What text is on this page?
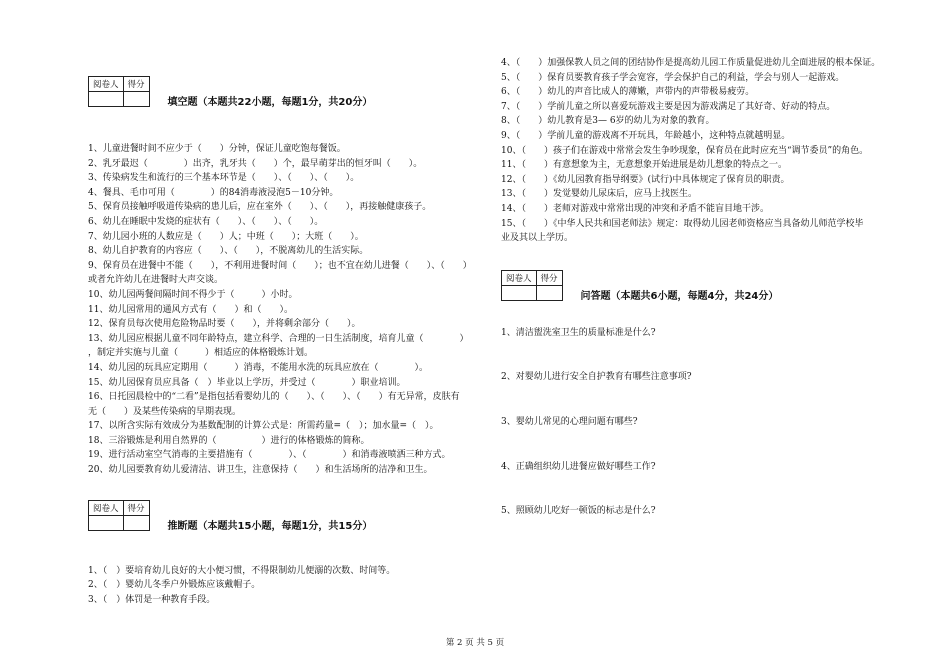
阅卷人	得分

填空题（本题共22小题，每题1分，共20分）
1、儿童进餐时间不应少于（　　）分钟，保证儿童吃饱每餐饭。
2、乳牙最迟（　　　　）出齐，乳牙共（　　）个，最早萌芽出的恒牙叫（　　）。
3、传染病发生和流行的三个基本环节是（　　）、（　　）、（　　）。
4、餐具、毛巾可用（　　　　）的84消毒液浸泡5－10分钟。
5、保育员接触呼吸道传染病的患儿后，应在室外（　　）、（　　），再接触健康孩子。
6、幼儿在睡眠中发烧的症状有（　　）、（　　）、（　　）。
7、幼儿园小班的人数应是（　　）人；中班（　　）；大班（　　）。
8、幼儿自护教育的内容应（　　）、（　　），不脱离幼儿的生活实际。
9、保育员在进餐中不能（　　），不利用进餐时间（　　）；也不宜在幼儿进餐（　　）、（　　）
或者允许幼儿在进餐时大声交谈。
10、幼儿园两餐间隔时间不得少于（　　　）小时。
11、幼儿园常用的通风方式有（　　）和（　　）。
12、保育员每次使用危险物品时要（　　），并将剩余部分（　　）。
13、幼儿园应根据儿童不同年龄特点，建立科学、合理的一日生活制度，培育儿童（　　　　）
，制定并实施与儿童（　　　）相适应的体格锻炼计划。
14、幼儿园的玩具应定期用（　　　）消毒，不能用水洗的玩具应放在（　　　　）。
15、幼儿园保育员应具备（　）毕业以上学历，并受过（　　　　）职业培训。
16、日托园晨检中的“二看”是指包括看婴幼儿的（　　）、（　　）、（　　）有无异常，皮肤有
无（　　）及某些传染病的早期表现。
17、以所含实际有效成分为基数配制的计算公式是：所需药量=（　）；加水量=（　）。
18、三浴锻炼是利用自然界的（　　　　　）进行的体格锻炼的简称。
19、进行活动室空气消毒的主要措施有（　　　　）、（　　　　）和消毒液喷洒三种方式。
20、幼儿园要教育幼儿爱清洁、讲卫生，注意保持（　　）和生活场所的洁净和卫生。
阅卷人	得分

推断题（本题共15小题，每题1分，共15分）
1、（　）要培育幼儿良好的大小便习惯，不得限制幼儿便溺的次数、时间等。
2、（　）婴幼儿冬季户外锻炼应该戴帽子。
3、（　）体罚是一种教育手段。
4、（　　）加强保教人员之间的团结协作是提高幼儿园工作质量促进幼儿全面进展的根本保证。
5、（　　）保育员要教育孩子学会宽容，学会保护自己的利益，学会与别人一起游戏。
6、（　　）幼儿的声音比成人的薄嫩，声带内的声带极易疲劳。
7、（　　）学前儿童之所以喜爱玩游戏主要是因为游戏满足了其好奇、好动的特点。
8、（　　）幼儿教育是3— 6岁的幼儿为对象的教育。
9、（　　）学前儿童的游戏离不开玩具，年龄越小，这种特点就越明显。
10、（　　）孩子们在游戏中常常会发生争吵现象，保育员在此时应充当“调节委员”的角色。
11、（　　）有意想象为主，无意想象开始进展是幼儿想象的特点之一。
12、（　　）《幼儿园教育指导纲要》(试行)中具体规定了保育员的职责。
13、（　　）发觉婴幼儿尿床后，应马上找医生。
14、（　　）老师对游戏中常常出现的冲突和矛盾不能盲目地干涉。
15、（　　）《中华人民共和国老师法》规定：取得幼儿园老师资格应当具备幼儿师范学校毕
业及其以上学历。
阅卷人	得分

问答题（本题共6小题，每题4分，共24分）
1、清洁盥洗室卫生的质量标准是什么?
2、对婴幼儿进行安全自护教育有哪些注意事项?
3、婴幼儿常见的心理问题有哪些?
4、正确组织幼儿进餐应做好哪些工作?
5、照顾幼儿吃好一顿饭的标志是什么?
第 2 页 共 5 页
